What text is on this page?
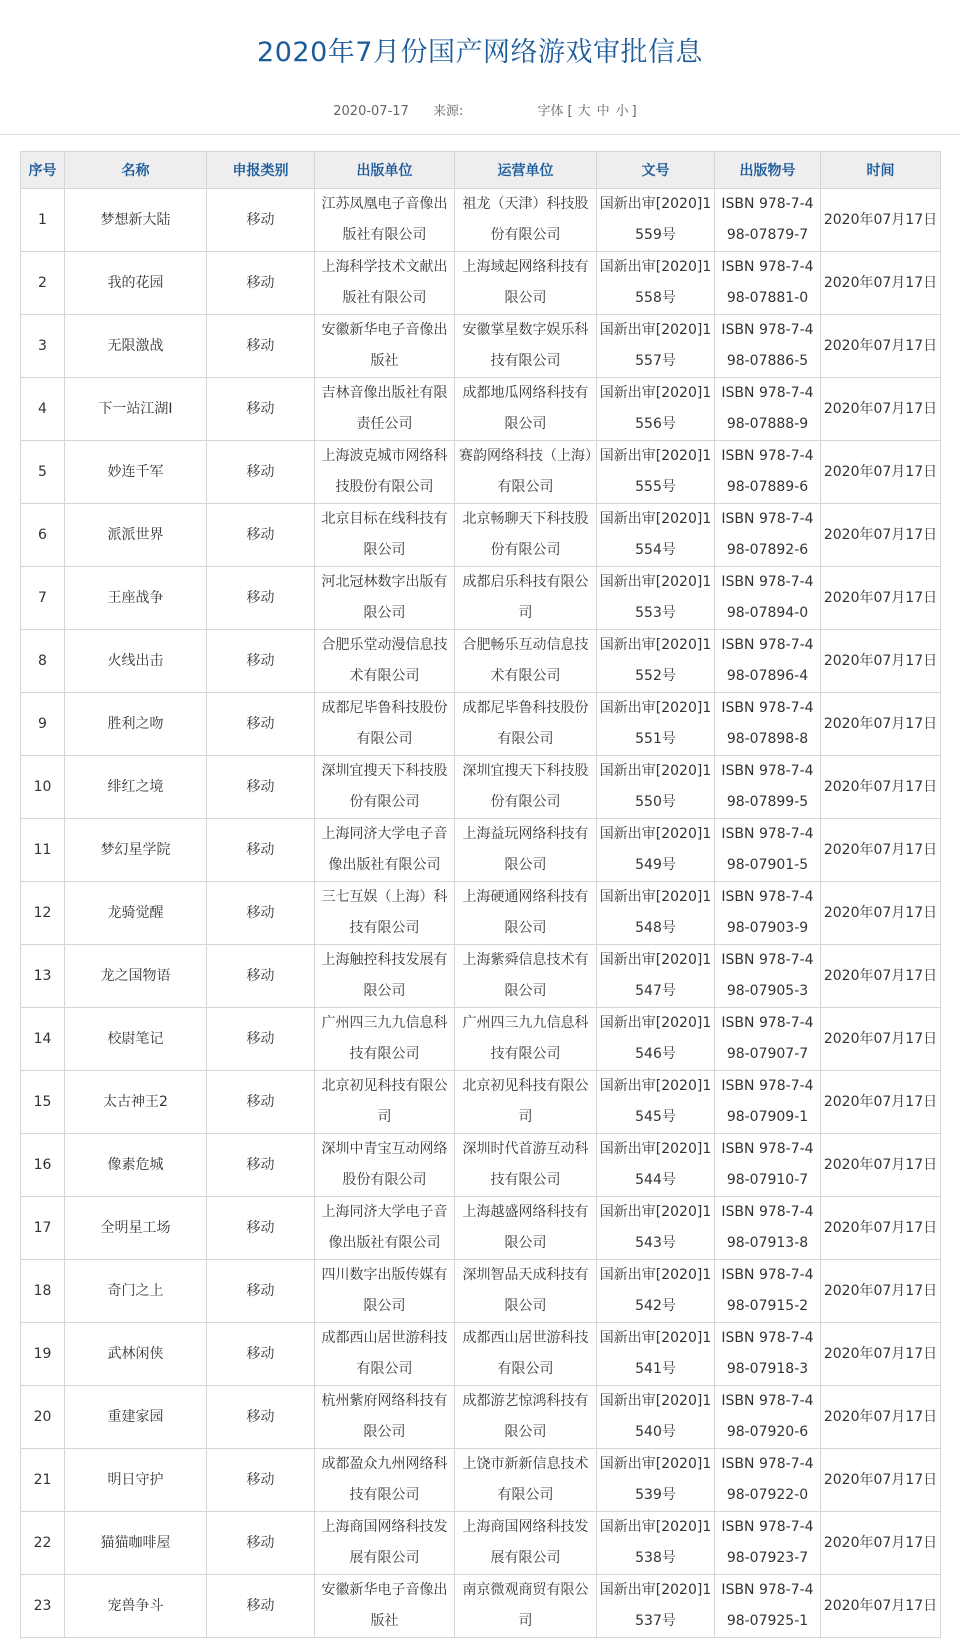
2020年7月份国产网络游戏审批信息
2020-07-17 来源:	字体 [ 大 中 小 ]
序号	名称	申报类别	出版单位	运营单位	文号	出版物号	时间
1	梦想新大陆	移动	江苏凤凰电子音像出版社有限公司	祖龙（天津）科技股份有限公司	国新出审[2020]1559号	ISBN 978-7-498-07879-7	2020年07月17日
2	我的花园	移动	上海科学技术文献出版社有限公司	上海域起网络科技有限公司	国新出审[2020]1558号	ISBN 978-7-498-07881-0	2020年07月17日
3	无限激战	移动	安徽新华电子音像出版社	安徽掌星数字娱乐科技有限公司	国新出审[2020]1557号	ISBN 978-7-498-07886-5	2020年07月17日
4	下一站江湖Ⅰ	移动	吉林音像出版社有限责任公司	成都地瓜网络科技有限公司	国新出审[2020]1556号	ISBN 978-7-498-07888-9	2020年07月17日
5	妙连千军	移动	上海波克城市网络科技股份有限公司	赛韵网络科技（上海）有限公司	国新出审[2020]1555号	ISBN 978-7-498-07889-6	2020年07月17日
6	派派世界	移动	北京目标在线科技有限公司	北京畅聊天下科技股份有限公司	国新出审[2020]1554号	ISBN 978-7-498-07892-6	2020年07月17日
7	王座战争	移动	河北冠林数字出版有限公司	成都启乐科技有限公司	国新出审[2020]1553号	ISBN 978-7-498-07894-0	2020年07月17日
8	火线出击	移动	合肥乐堂动漫信息技术有限公司	合肥畅乐互动信息技术有限公司	国新出审[2020]1552号	ISBN 978-7-498-07896-4	2020年07月17日
9	胜利之吻	移动	成都尼毕鲁科技股份有限公司	成都尼毕鲁科技股份有限公司	国新出审[2020]1551号	ISBN 978-7-498-07898-8	2020年07月17日
10	绯红之境	移动	深圳宜搜天下科技股份有限公司	深圳宜搜天下科技股份有限公司	国新出审[2020]1550号	ISBN 978-7-498-07899-5	2020年07月17日
11	梦幻星学院	移动	上海同济大学电子音像出版社有限公司	上海益玩网络科技有限公司	国新出审[2020]1549号	ISBN 978-7-498-07901-5	2020年07月17日
12	龙骑觉醒	移动	三七互娱（上海）科技有限公司	上海硬通网络科技有限公司	国新出审[2020]1548号	ISBN 978-7-498-07903-9	2020年07月17日
13	龙之国物语	移动	上海触控科技发展有限公司	上海紫舜信息技术有限公司	国新出审[2020]1547号	ISBN 978-7-498-07905-3	2020年07月17日
14	校尉笔记	移动	广州四三九九信息科技有限公司	广州四三九九信息科技有限公司	国新出审[2020]1546号	ISBN 978-7-498-07907-7	2020年07月17日
15	太古神王2	移动	北京初见科技有限公司	北京初见科技有限公司	国新出审[2020]1545号	ISBN 978-7-498-07909-1	2020年07月17日
16	像素危城	移动	深圳中青宝互动网络股份有限公司	深圳时代首游互动科技有限公司	国新出审[2020]1544号	ISBN 978-7-498-07910-7	2020年07月17日
17	全明星工场	移动	上海同济大学电子音像出版社有限公司	上海越盛网络科技有限公司	国新出审[2020]1543号	ISBN 978-7-498-07913-8	2020年07月17日
18	奇门之上	移动	四川数字出版传媒有限公司	深圳智品天成科技有限公司	国新出审[2020]1542号	ISBN 978-7-498-07915-2	2020年07月17日
19	武林闲侠	移动	成都西山居世游科技有限公司	成都西山居世游科技有限公司	国新出审[2020]1541号	ISBN 978-7-498-07918-3	2020年07月17日
20	重建家园	移动	杭州紫府网络科技有限公司	成都游艺惊鸿科技有限公司	国新出审[2020]1540号	ISBN 978-7-498-07920-6	2020年07月17日
21	明日守护	移动	成都盈众九州网络科技有限公司	上饶市新新信息技术有限公司	国新出审[2020]1539号	ISBN 978-7-498-07922-0	2020年07月17日
22	猫猫咖啡屋	移动	上海商国网络科技发展有限公司	上海商国网络科技发展有限公司	国新出审[2020]1538号	ISBN 978-7-498-07923-7	2020年07月17日
23	宠兽争斗	移动	安徽新华电子音像出版社	南京微观商贸有限公司	国新出审[2020]1537号	ISBN 978-7-498-07925-1	2020年07月17日
